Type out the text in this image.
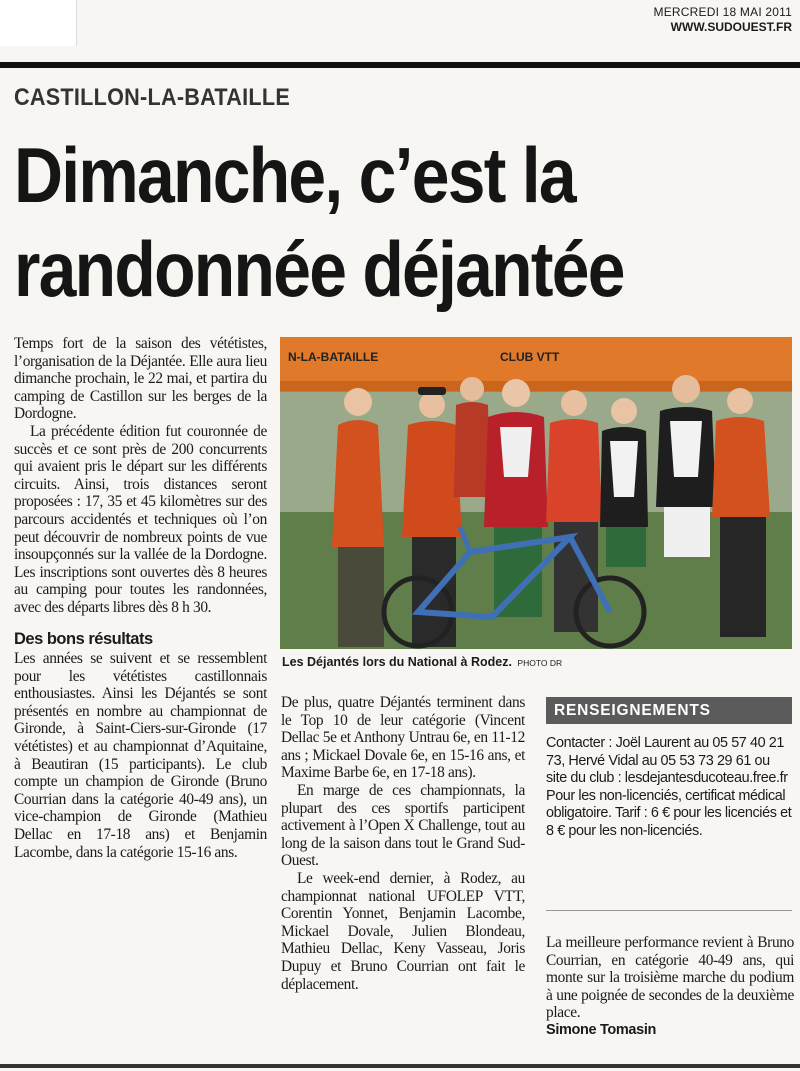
MERCREDI 18 MAI 2011
WWW.SUDOUEST.FR
CASTILLON-LA-BATAILLE
Dimanche, c’est la
randonnée déjantée

Temps fort de la saison des vététistes, l’organisation de la Déjantée. Elle aura lieu dimanche prochain, le 22 mai, et partira du camping de Castillon sur les berges de la Dordogne.

La précédente édition fut couronnée de succès et ce sont près de 200 concurrents qui avaient pris le départ sur les différents circuits. Ainsi, trois distances seront proposées : 17, 35 et 45 kilomètres sur des parcours accidentés et techniques où l’on peut découvrir de nombreux points de vue insoupçonnés sur la vallée de la Dordogne. Les inscriptions sont ouvertes dès 8 heures au camping pour toutes les randonnées, avec des départs libres dès 8 h 30.

Des bons résultats

Les années se suivent et se ressemblent pour les vététistes castillonnais enthousiastes. Ainsi les Déjantés se sont présentés en nombre au championnat de Gironde, à Saint-Ciers-sur-Gironde (17 vététistes) et au championnat d’Aquitaine, à Beautiran (15 participants). Le club compte un champion de Gironde (Bruno Courrian dans la catégorie 40-49 ans), un vice-champion de Gironde (Mathieu Dellac en 17-18 ans) et Benjamin Lacombe, dans la catégorie 15-16 ans.

N-LA-BATAILLE	CLUB VTT
Les Déjantés lors du National à Rodez. PHOTO DR

De plus, quatre Déjantés terminent dans le Top 10 de leur catégorie (Vincent Dellac 5e et Anthony Untrau 6e, en 11-12 ans ; Mickael Dovale 6e, en 15-16 ans, et Maxime Barbe 6e, en 17-18 ans).

En marge de ces championnats, la plupart des ces sportifs participent activement à l’Open X Challenge, tout au long de la saison dans tout le Grand Sud-Ouest.

Le week-end dernier, à Rodez, au championnat national UFOLEP VTT, Corentin Yonnet, Benjamin Lacombe, Mickael Dovale, Julien Blondeau, Mathieu Dellac, Keny Vasseau, Joris Dupuy et Bruno Courrian ont fait le déplacement.

RENSEIGNEMENTS

Contacter : Joël Laurent au 05 57 40 21 73, Hervé Vidal au 05 53 73 29 61 ou site du club : lesdejantesducoteau.free.fr

Pour les non-licenciés, certificat médical obligatoire. Tarif : 6 € pour les licenciés et 8 € pour les non-licenciés.

La meilleure performance revient à Bruno Courrian, en catégorie 40-49 ans, qui monte sur la troisième marche du podium à une poignée de secondes de la deuxième place.

Simone Tomasin
